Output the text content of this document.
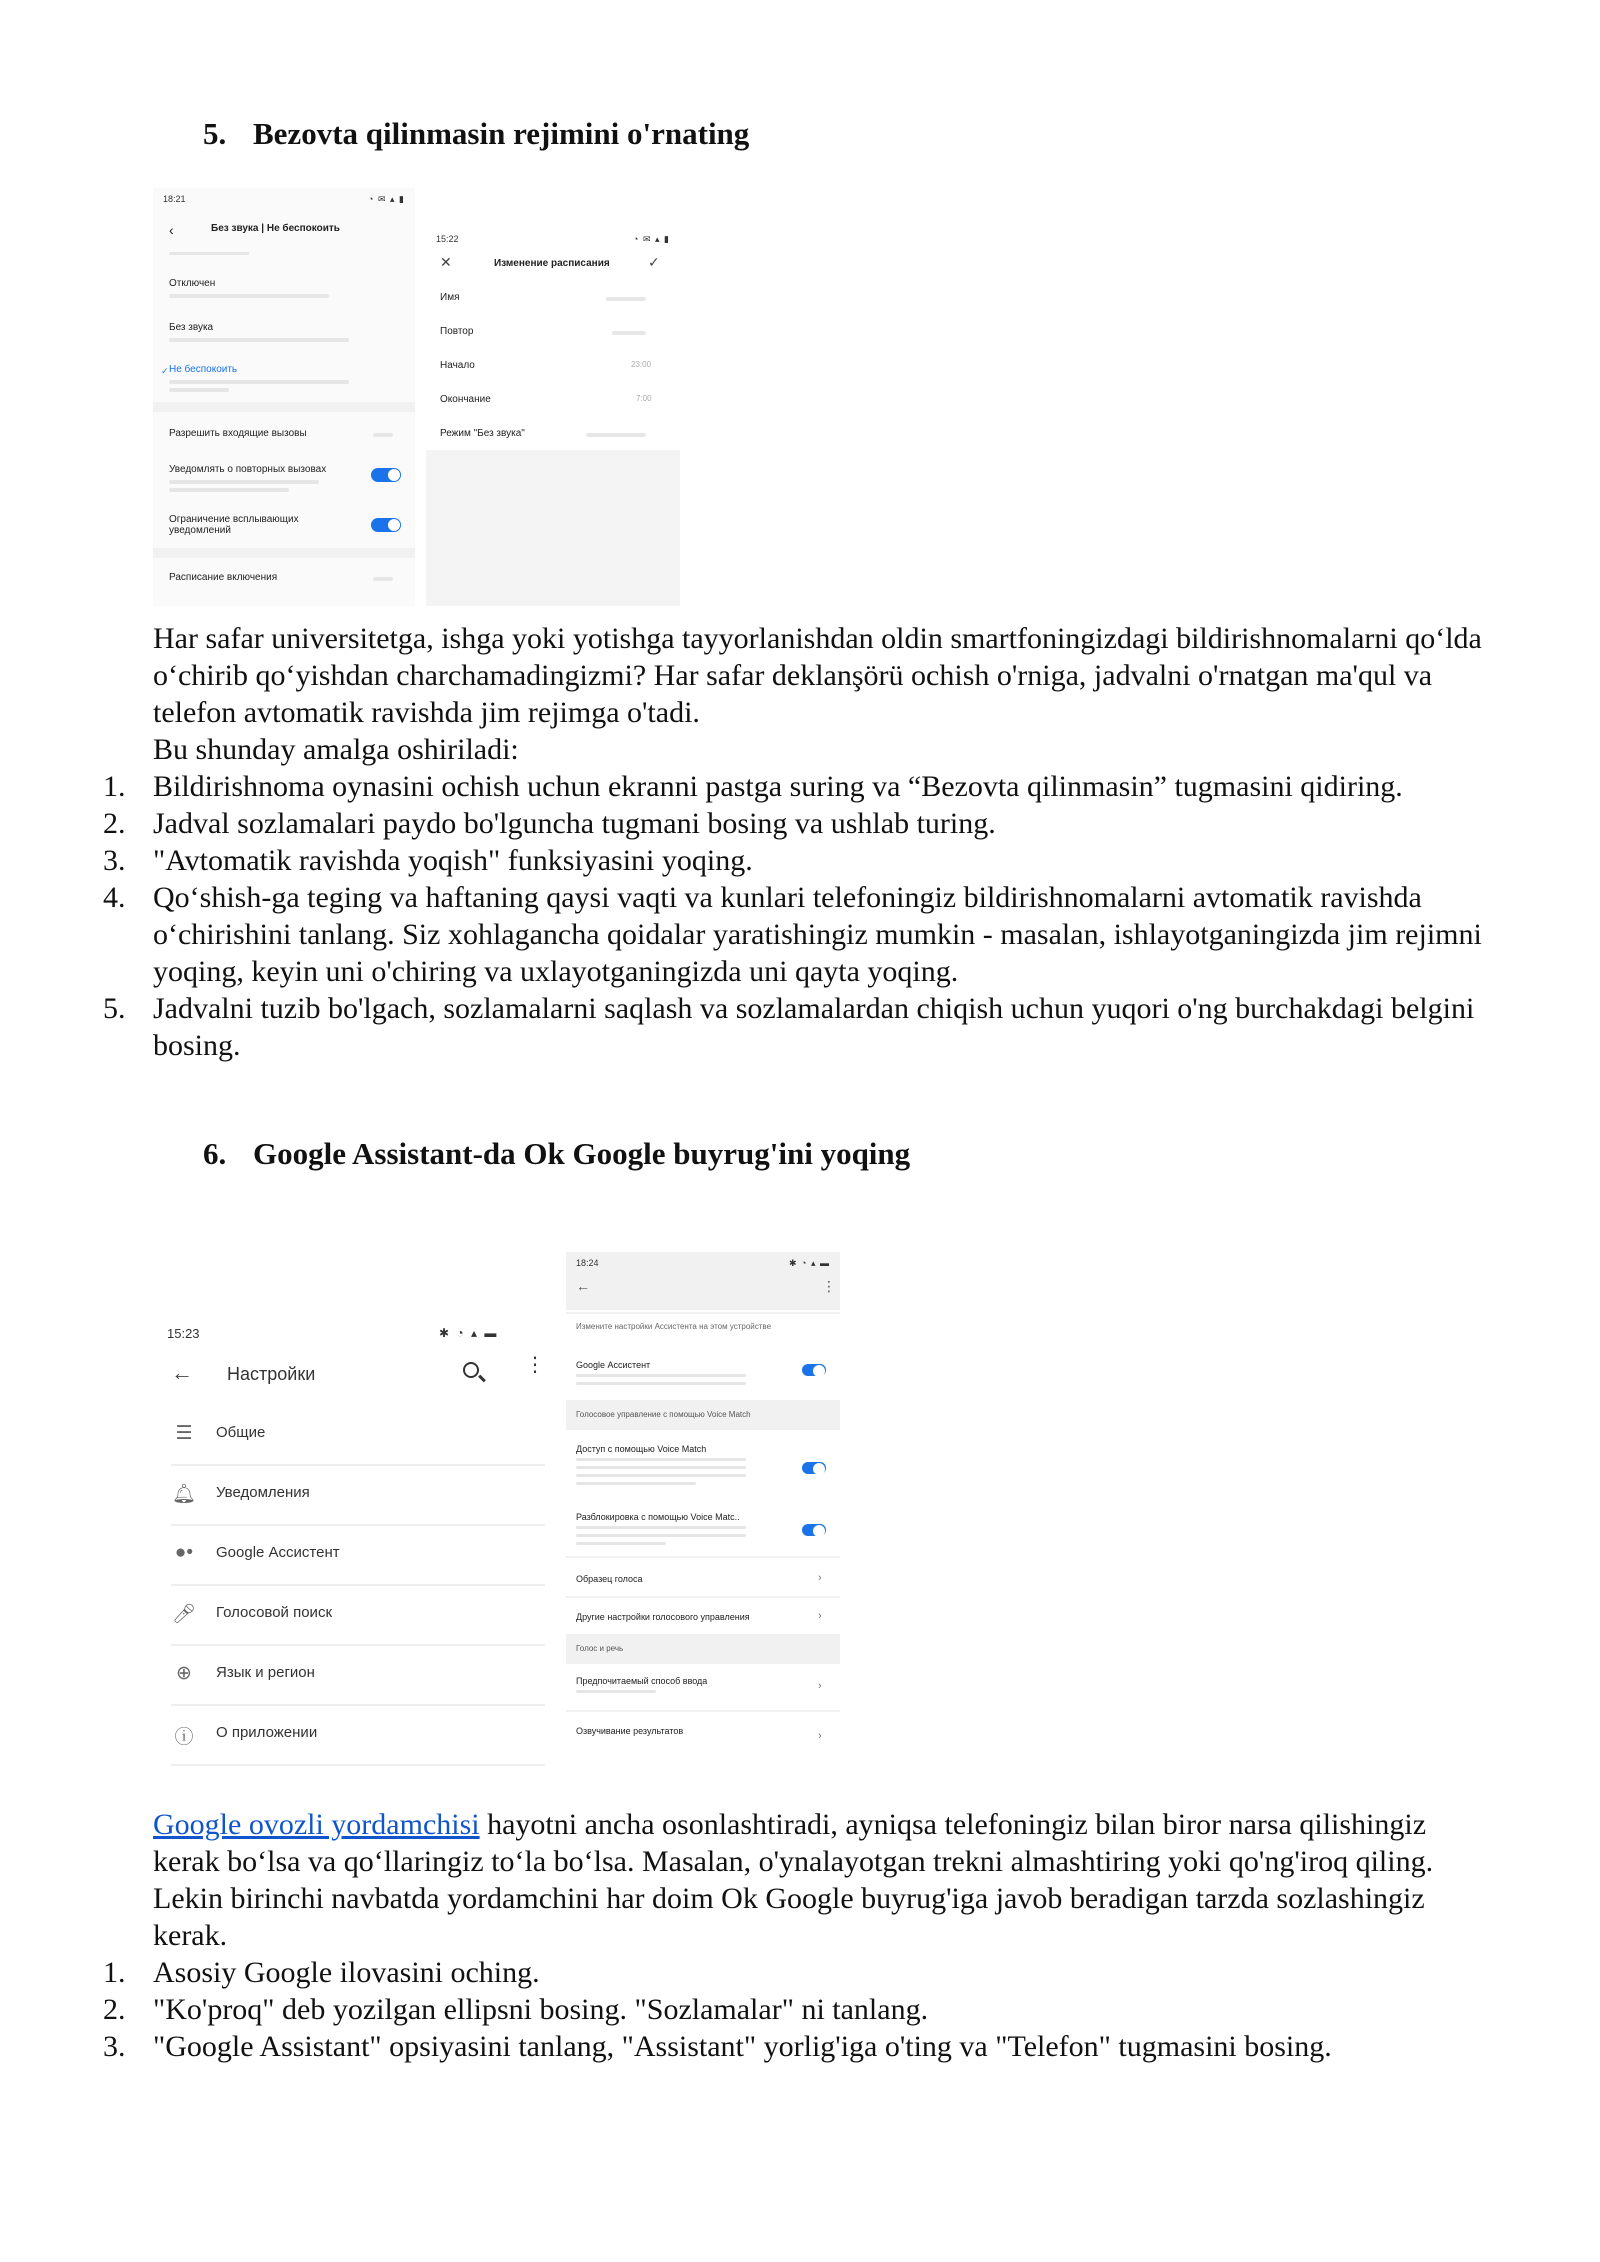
5. Bezovta qilinmasin rejimini o'rnating
18:21	◔ ✉ ▴ ▮
‹	Без звука | Не беспокоить
Отключен
Без звука
✓ Не беспокоить
Разрешить входящие вызовы
Уведомлять о повторных вызовах
Ограничение всплывающих уведомлений
Расписание включения
15:22	◔ ✉ ▴ ▮
✕	Изменение расписания	✓
Имя
Повтор
Начало	23:00
Окончание	7:00
Режим "Без звука"
Har safar universitetga, ishga yoki yotishga tayyorlanishdan oldin smartfoningizdagi bildirishnomalarni qo‘lda o‘chirib qo‘yishdan charchamadingizmi? Har safar deklanşörü ochish o'rniga, jadvalni o'rnatgan ma'qul va telefon avtomatik ravishda jim rejimga o'tadi.
Bu shunday amalga oshiriladi:
1. Bildirishnoma oynasini ochish uchun ekranni pastga suring va “Bezovta qilinmasin” tugmasini qidiring.
2. Jadval sozlamalari paydo bo'lguncha tugmani bosing va ushlab turing.
3. "Avtomatik ravishda yoqish" funksiyasini yoqing.
4. Qo‘shish-ga teging va haftaning qaysi vaqti va kunlari telefoningiz bildirishnomalarni avtomatik ravishda o‘chirishini tanlang. Siz xohlagancha qoidalar yaratishingiz mumkin - masalan, ishlayotganingizda jim rejimni yoqing, keyin uni o'chiring va uxlayotganingizda uni qayta yoqing.
5. Jadvalni tuzib bo'lgach, sozlamalarni saqlash va sozlamalardan chiqish uchun yuqori o'ng burchakdagi belgini bosing.
6. Google Assistant-da Ok Google buyrug'ini yoqing
15:23	✱ ◔ ▴ ▬
← Настройки	⋮
☰ Общие
🔔︎ Уведомления
●• Google Ассистент
🎤︎ Голосовой поиск
⊕	Язык и регион
ⓘ О приложении
18:24	✱ ◔ ▴ ▬
←	⋮
Измените настройки Ассистента на этом устройстве
Google Ассистент
Голосовое управление с помощью Voice Match
Доступ с помощью Voice Match
Разблокировка с помощью Voice Matc..
Образец голоса	›
Другие настройки голосового управления	›
Голос и речь
Предпочитаемый способ ввода	›
Озвучивание результатов	›
Google ovozli yordamchisi hayotni ancha osonlashtiradi, ayniqsa telefoningiz bilan biror narsa qilishingiz kerak bo‘lsa va qo‘llaringiz to‘la bo‘lsa. Masalan, o'ynalayotgan trekni almashtiring yoki qo'ng'iroq qiling. Lekin birinchi navbatda yordamchini har doim Ok Google buyrug'iga javob beradigan tarzda sozlashingiz kerak.
1. Asosiy Google ilovasini oching.
2. "Ko'proq" deb yozilgan ellipsni bosing. "Sozlamalar" ni tanlang.
3. "Google Assistant" opsiyasini tanlang, "Assistant" yorlig'iga o'ting va "Telefon" tugmasini bosing.
